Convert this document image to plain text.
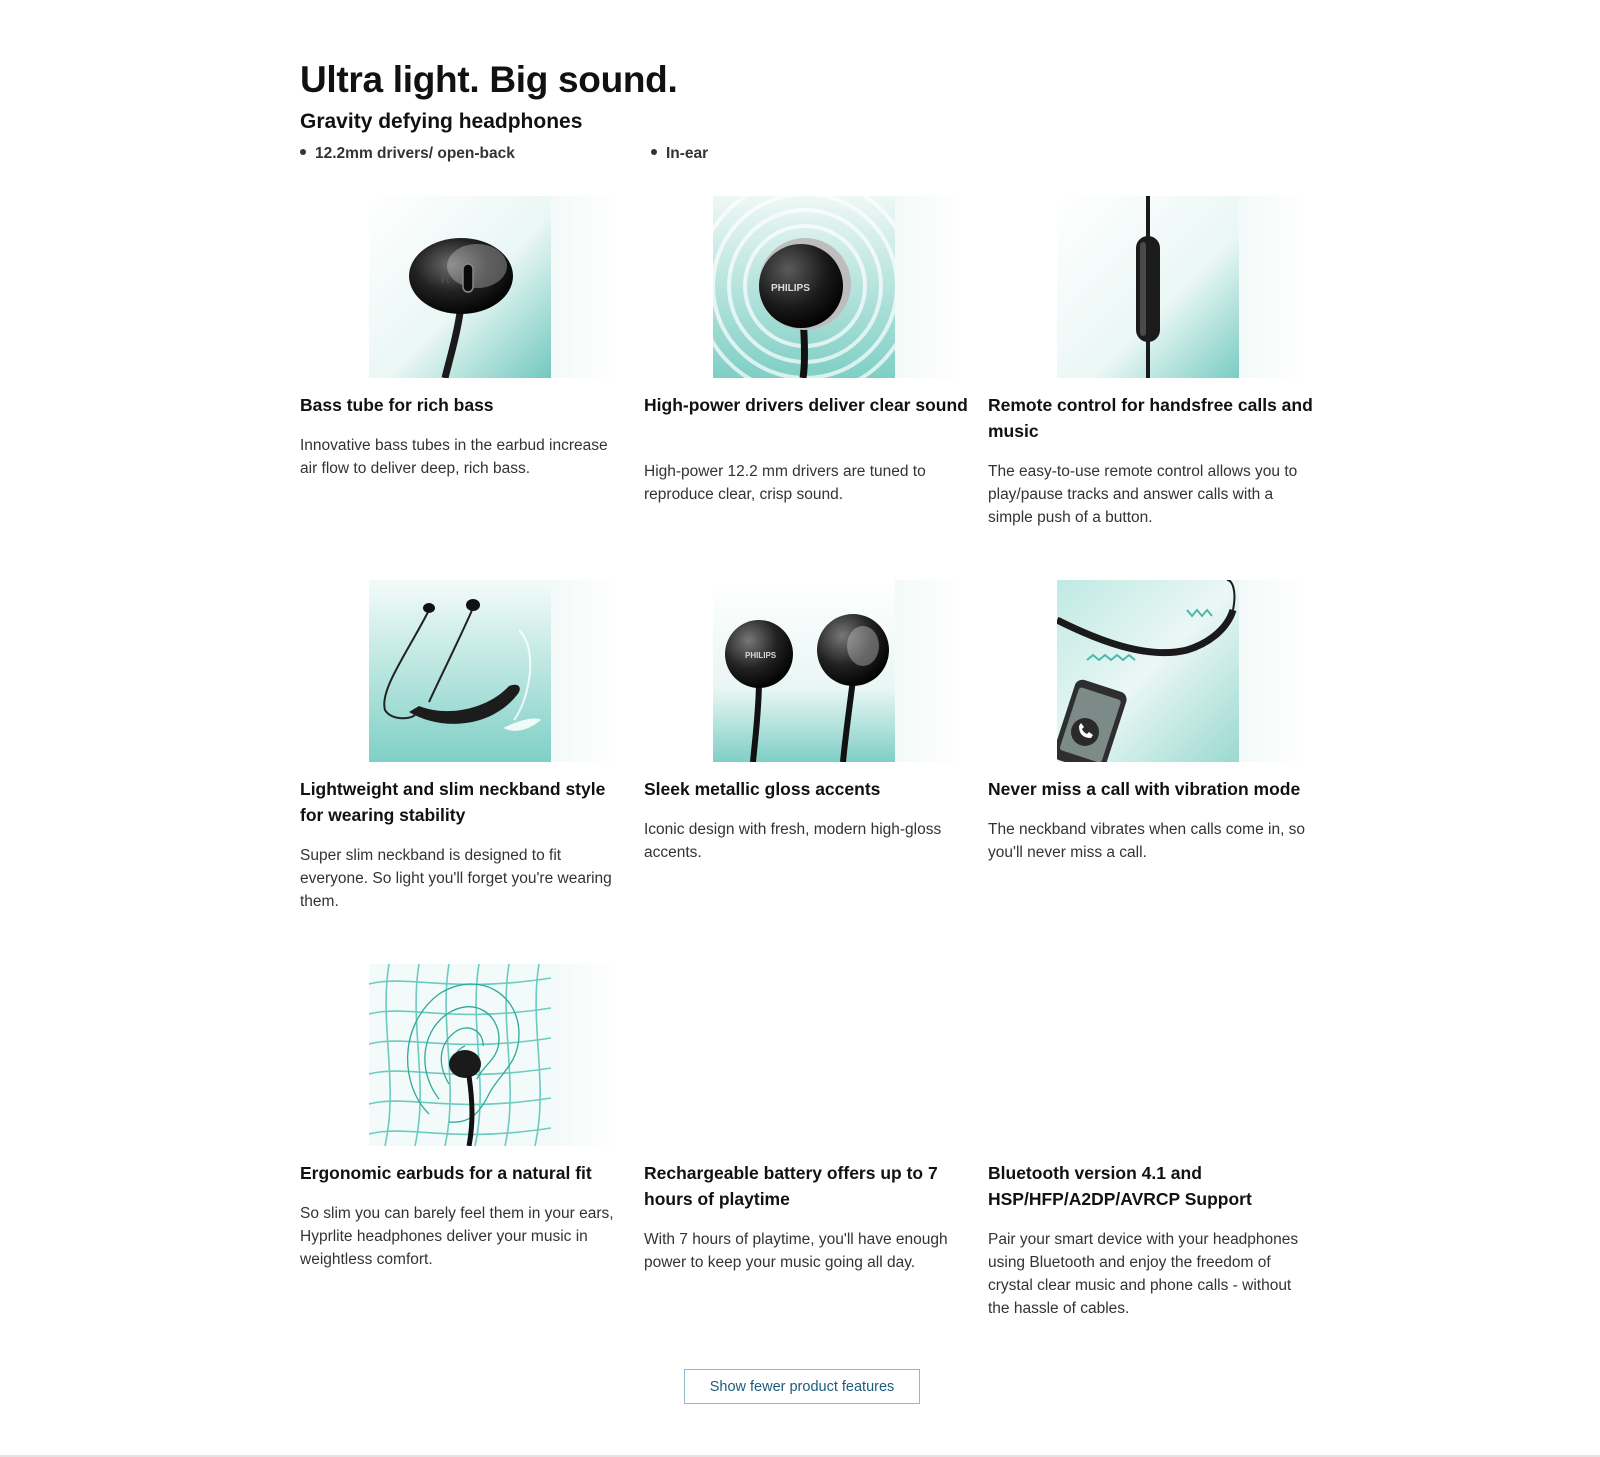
Ultra light. Big sound.
Gravity defying headphones
12.2mm drivers/ open-back	In-ear
R
Bass tube for rich bass

Innovative bass tubes in the earbud increase air flow to deliver deep, rich bass.

PHILIPS
High-power drivers deliver clear sound

High-power 12.2 mm drivers are tuned to reproduce clear, crisp sound.

Remote control for handsfree calls and music

The easy-to-use remote control allows you to play/pause tracks and answer calls with a simple push of a button.

Lightweight and slim neckband style for wearing stability

Super slim neckband is designed to fit everyone. So light you'll forget you're wearing them.

PHILIPS
Sleek metallic gloss accents

Iconic design with fresh, modern high-gloss accents.

Never miss a call with vibration mode

The neckband vibrates when calls come in, so you'll never miss a call.

Ergonomic earbuds for a natural fit

So slim you can barely feel them in your ears, Hyprlite headphones deliver your music in weightless comfort.

Rechargeable battery offers up to 7 hours of playtime

With 7 hours of playtime, you'll have enough power to keep your music going all day.

Bluetooth version 4.1 and HSP/HFP/A2DP/AVRCP Support

Pair your smart device with your headphones using Bluetooth and enjoy the freedom of crystal clear music and phone calls - without the hassle of cables.

Show fewer product features
